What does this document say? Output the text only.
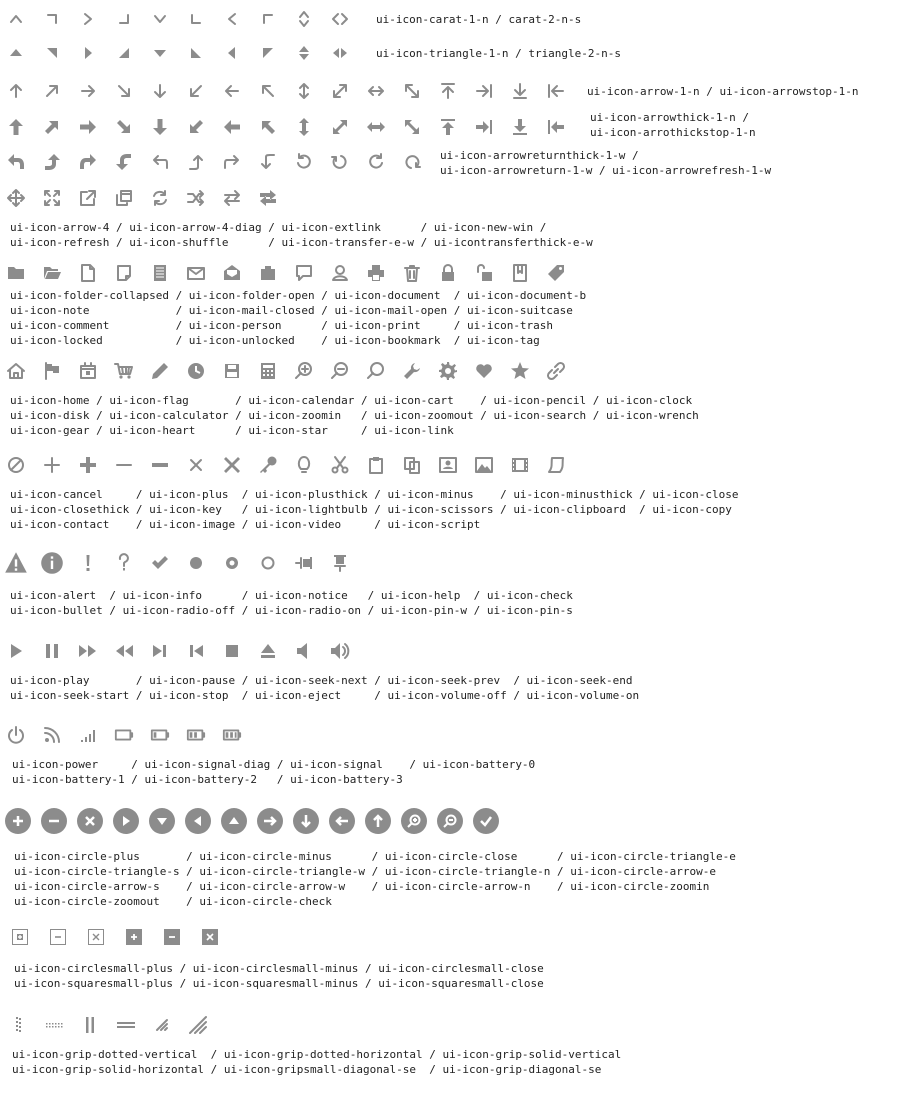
ui-icon-carat-1-n / carat-2-n-s

ui-icon-triangle-1-n / triangle-2-n-s

ui-icon-arrow-1-n / ui-icon-arrowstop-1-n

ui-icon-arrowthick-1-n /
ui-icon-arrothickstop-1-n

ui-icon-arrowreturnthick-1-w /
ui-icon-arrowreturn-1-w / ui-icon-arrowrefresh-1-w

ui-icon-arrow-4 / ui-icon-arrow-4-diag / ui-icon-extlink      / ui-icon-new-win /
ui-icon-refresh / ui-icon-shuffle      / ui-icon-transfer-e-w / ui-icontransferthick-e-w

ui-icon-folder-collapsed / ui-icon-folder-open / ui-icon-document  / ui-icon-document-b
ui-icon-note             / ui-icon-mail-closed / ui-icon-mail-open / ui-icon-suitcase
ui-icon-comment          / ui-icon-person      / ui-icon-print     / ui-icon-trash
ui-icon-locked           / ui-icon-unlocked    / ui-icon-bookmark  / ui-icon-tag

ui-icon-home / ui-icon-flag       / ui-icon-calendar / ui-icon-cart    / ui-icon-pencil / ui-icon-clock
ui-icon-disk / ui-icon-calculator / ui-icon-zoomin   / ui-icon-zoomout / ui-icon-search / ui-icon-wrench
ui-icon-gear / ui-icon-heart      / ui-icon-star     / ui-icon-link

ui-icon-cancel     / ui-icon-plus  / ui-icon-plusthick / ui-icon-minus    / ui-icon-minusthick / ui-icon-close
ui-icon-closethick / ui-icon-key   / ui-icon-lightbulb / ui-icon-scissors / ui-icon-clipboard  / ui-icon-copy
ui-icon-contact    / ui-icon-image / ui-icon-video     / ui-icon-script

ui-icon-alert  / ui-icon-info      / ui-icon-notice   / ui-icon-help  / ui-icon-check
ui-icon-bullet / ui-icon-radio-off / ui-icon-radio-on / ui-icon-pin-w / ui-icon-pin-s

ui-icon-play       / ui-icon-pause / ui-icon-seek-next / ui-icon-seek-prev  / ui-icon-seek-end
ui-icon-seek-start / ui-icon-stop  / ui-icon-eject     / ui-icon-volume-off / ui-icon-volume-on

ui-icon-power     / ui-icon-signal-diag / ui-icon-signal    / ui-icon-battery-0
ui-icon-battery-1 / ui-icon-battery-2   / ui-icon-battery-3

ui-icon-circle-plus       / ui-icon-circle-minus      / ui-icon-circle-close      / ui-icon-circle-triangle-e
ui-icon-circle-triangle-s / ui-icon-circle-triangle-w / ui-icon-circle-triangle-n / ui-icon-circle-arrow-e
ui-icon-circle-arrow-s    / ui-icon-circle-arrow-w    / ui-icon-circle-arrow-n    / ui-icon-circle-zoomin
ui-icon-circle-zoomout    / ui-icon-circle-check

ui-icon-circlesmall-plus / ui-icon-circlesmall-minus / ui-icon-circlesmall-close
ui-icon-squaresmall-plus / ui-icon-squaresmall-minus / ui-icon-squaresmall-close

ui-icon-grip-dotted-vertical  / ui-icon-grip-dotted-horizontal / ui-icon-grip-solid-vertical
ui-icon-grip-solid-horizontal / ui-icon-gripsmall-diagonal-se  / ui-icon-grip-diagonal-se
